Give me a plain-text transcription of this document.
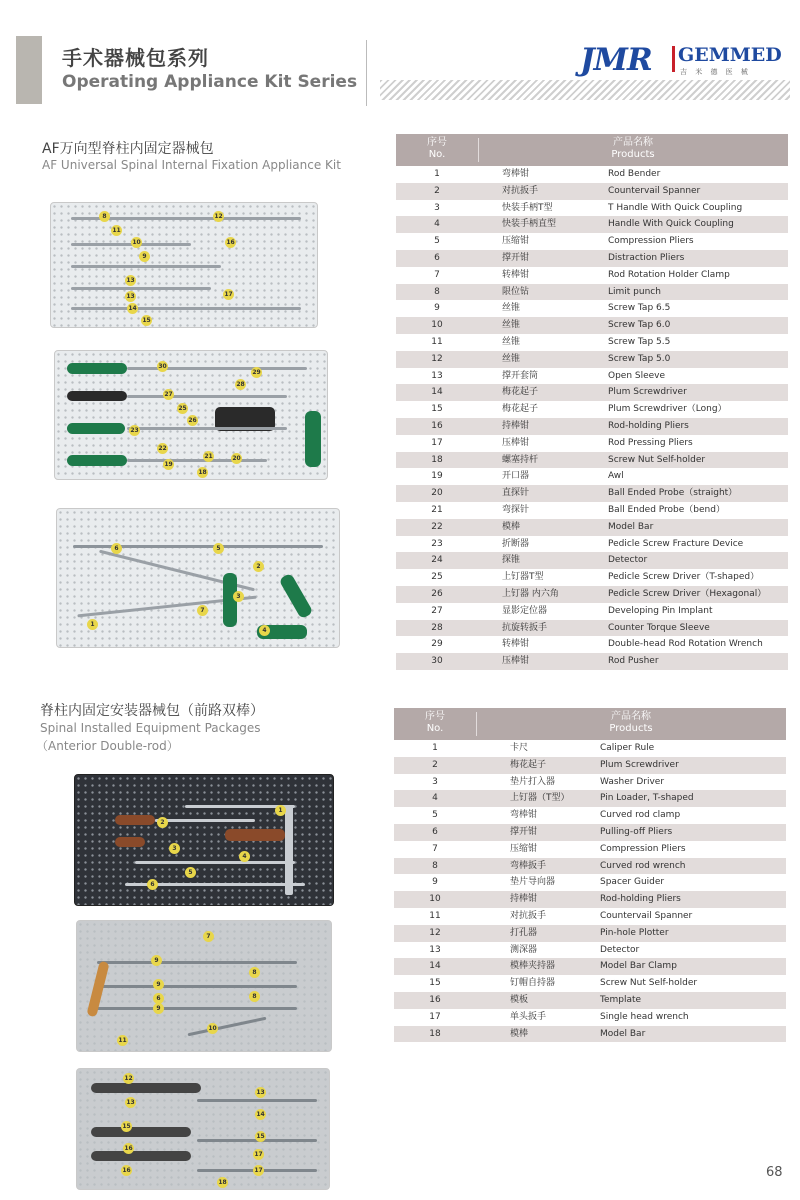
手术器械包系列
Operating Appliance Kit Series
JMR GEMMED
吉 米 德 医 械
AF万向型脊柱内固定器械包
AF Universal Spinal Internal Fixation Appliance Kit
8	12
11
10	16
9
13
13	17
14
15
30
29
28
27
25
26
23
22
21	20
19
18
6	5
2
3
7
1
4
序号
No.
产品名称
Products
1	弯棒钳	Rod Bender
2	对抗扳手	Countervail Spanner
3	快装手柄T型	T Handle With Quick Coupling
4	快装手柄直型	Handle With Quick Coupling
5	压缩钳	Compression Pliers
6	撑开钳	Distraction Pliers
7	转棒钳	Rod Rotation Holder Clamp
8	限位钻	Limit punch
9	丝锥	Screw Tap 6.5
10	丝锥	Screw Tap 6.0
11	丝锥	Screw Tap 5.5
12	丝锥	Screw Tap 5.0
13	撑开套筒	Open Sleeve
14	梅花起子	Plum Screwdriver
15	梅花起子	Plum Screwdriver（Long）
16	持棒钳	Rod-holding Pliers
17	压棒钳	Rod Pressing Pliers
18	螺塞持杆	Screw Nut Self-holder
19	开口器	Awl
20	直探针	Ball Ended Probe（straight）
21	弯探针	Ball Ended Probe（bend）
22	模棒	Model Bar
23	折断器	Pedicle Screw Fracture Device
24	探锥	Detector
25	上钉器T型	Pedicle Screw Driver（T-shaped）
26	上钉器 内六角	Pedicle Screw Driver（Hexagonal）
27	显影定位器	Developing Pin Implant
28	抗旋转扳手	Counter Torque Sleeve
29	转棒钳	Double-head Rod Rotation Wrench
30	压棒钳	Rod Pusher
脊柱内固定安装器械包（前路双棒）
Spinal Installed Equipment Packages
（Anterior Double-rod）
1
2
3
4
5
6
7
9
8
9
6	8
9
10
11
12
13
13
14
15
15
16
17
16	17
18
序号
No.
产品名称
Products
1	卡尺	Caliper Rule
2	梅花起子	Plum Screwdriver
3	垫片打入器	Washer Driver
4	上钉器（T型）	Pin Loader, T-shaped
5	弯棒钳	Curved rod clamp
6	撑开钳	Pulling-off Pliers
7	压缩钳	Compression Pliers
8	弯棒扳手	Curved rod wrench
9	垫片导向器	Spacer Guider
10	持棒钳	Rod-holding Pliers
11	对抗扳手	Countervail Spanner
12	打孔器	Pin-hole Plotter
13	测深器	Detector
14	模棒夹持器	Model Bar Clamp
15	钉帽自持器	Screw Nut Self-holder
16	模板	Template
17	单头扳手	Single head wrench
18	模棒	Model Bar
68
